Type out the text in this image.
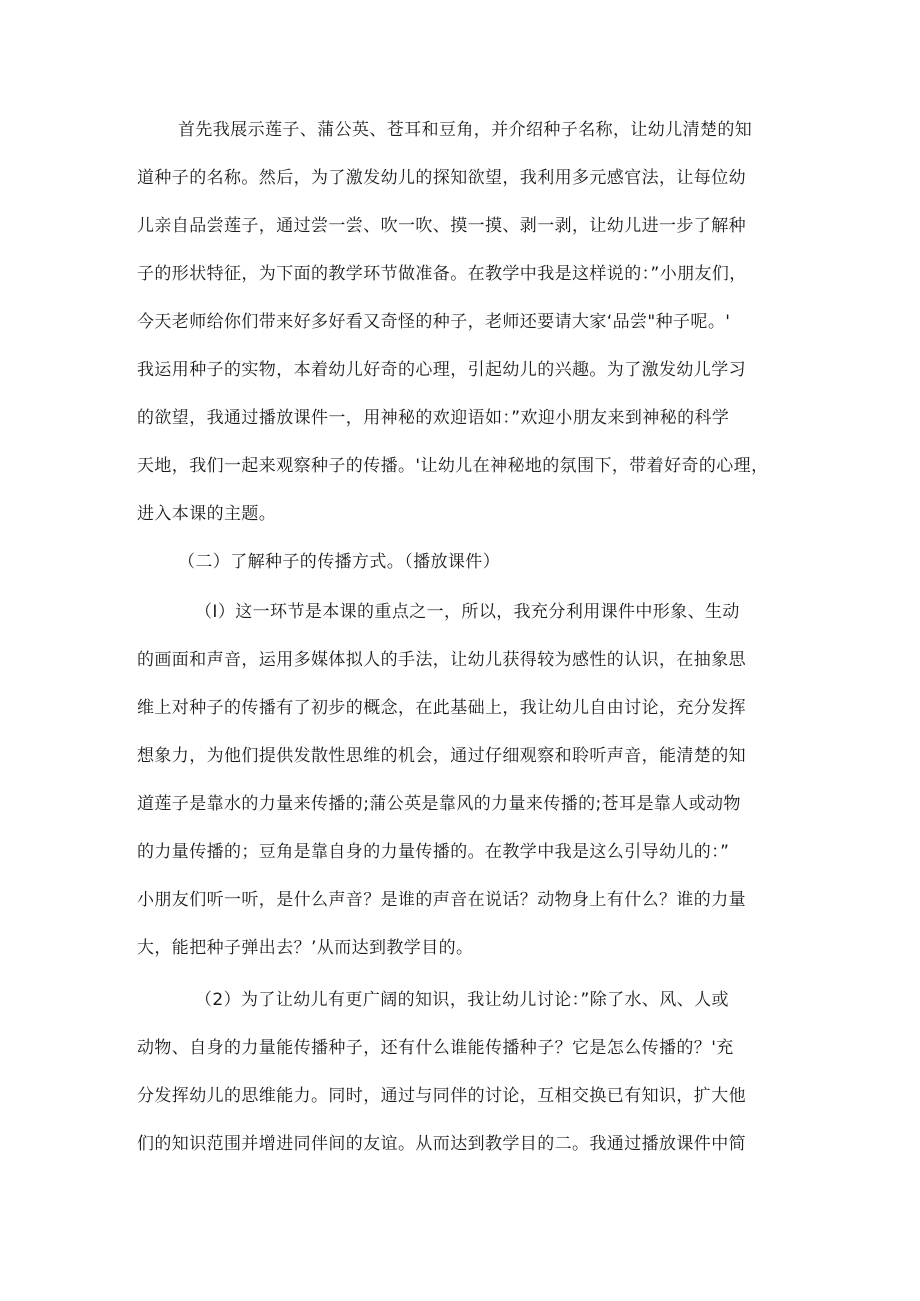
首先我展示莲子、蒲公英、苍耳和豆角，并介绍种子名称，让幼儿清楚的知

道种子的名称。然后，为了激发幼儿的探知欲望，我利用多元感官法，让每位幼

儿亲自品尝莲子，通过尝一尝、吹一吹、摸一摸、剥一剥，让幼儿进一步了解种

子的形状特征，为下面的教学环节做准备。在教学中我是这样说的：”小朋友们，

今天老师给你们带来好多好看又奇怪的种子，老师还要请大家‘品尝"种子呢。'

我运用种子的实物，本着幼儿好奇的心理，引起幼儿的兴趣。为了激发幼儿学习

的欲望，我通过播放课件一，用神秘的欢迎语如：”欢迎小朋友来到神秘的科学

天地，我们一起来观察种子的传播。'让幼儿在神秘地的氛围下，带着好奇的心理，

进入本课的主题。

（二）了解种子的传播方式。（播放课件）

（I）这一环节是本课的重点之一，所以，我充分利用课件中形象、生动

的画面和声音，运用多媒体拟人的手法，让幼儿获得较为感性的认识，在抽象思

维上对种子的传播有了初步的概念，在此基础上，我让幼儿自由讨论，充分发挥

想象力，为他们提供发散性思维的机会，通过仔细观察和聆听声音，能清楚的知

道莲子是靠水的力量来传播的;蒲公英是靠风的力量来传播的;苍耳是靠人或动物

的力量传播的；豆角是靠自身的力量传播的。在教学中我是这么引导幼儿的：”

小朋友们听一听，是什么声音？是谁的声音在说话？动物身上有什么？谁的力量

大，能把种子弹出去？’从而达到教学目的。

（2）为了让幼儿有更广阔的知识，我让幼儿讨论：”除了水、风、人或

动物、自身的力量能传播种子，还有什么谁能传播种子？它是怎么传播的？'充

分发挥幼儿的思维能力。同时，通过与同伴的讨论，互相交换已有知识，扩大他

们的知识范围并增进同伴间的友谊。从而达到教学目的二。我通过播放课件中简
